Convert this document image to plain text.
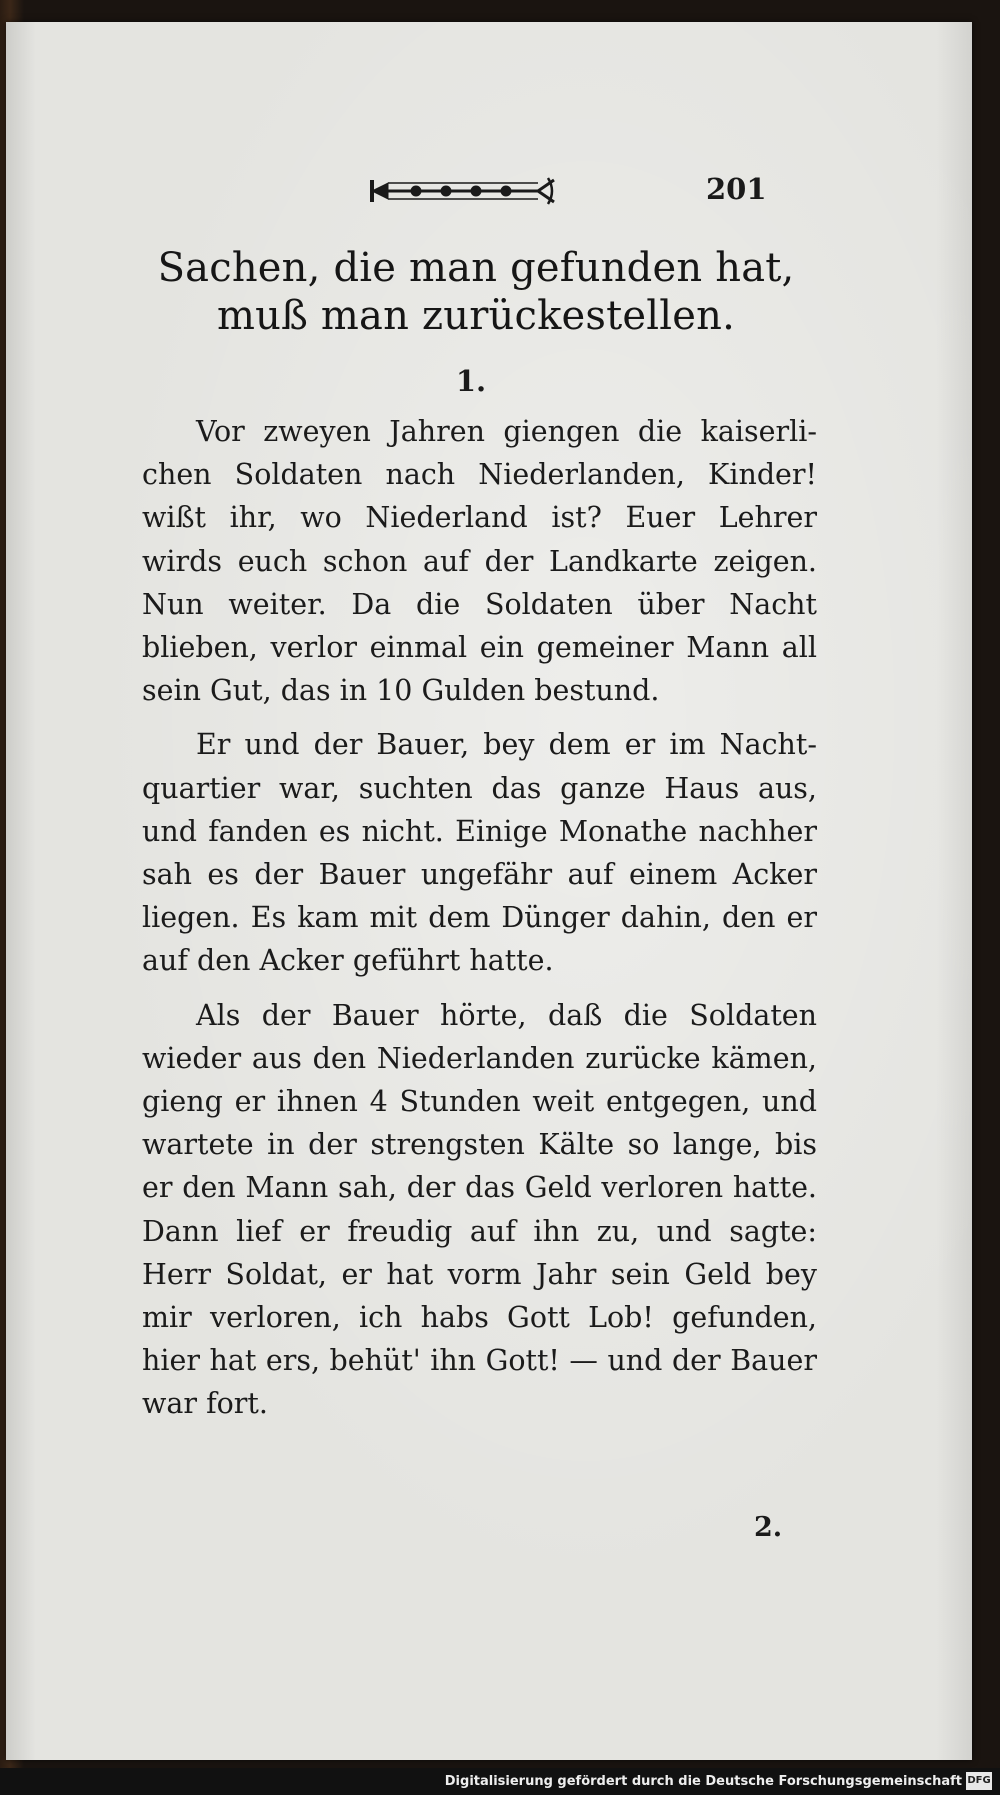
201
Sachen, die man gefunden hat, muß man zurückestellen.
1.

Vor zweyen Jahren giengen die kaiserlichen Soldaten nach Niederlanden, Kinder! wißt ihr, wo Niederland ist? Euer Lehrer wirds euch schon auf der Landkarte zeigen. Nun weiter. Da die Soldaten über Nacht blieben, verlor einmal ein gemeiner Mann all sein Gut, das in 10 Gulden bestund.

Er und der Bauer, bey dem er im Nachtquartier war, suchten das ganze Haus aus, und fanden es nicht. Einige Monathe nachher sah es der Bauer ungefähr auf einem Acker liegen. Es kam mit dem Dünger dahin, den er auf den Acker geführt hatte.

Als der Bauer hörte, daß die Soldaten wieder aus den Niederlanden zurücke kämen, gieng er ihnen 4 Stunden weit entgegen, und wartete in der strengsten Kälte so lange, bis er den Mann sah, der das Geld verloren hatte. Dann lief er freudig auf ihn zu, und sagte: Herr Soldat, er hat vorm Jahr sein Geld bey mir verloren, ich habs Gott Lob! gefunden, hier hat ers, behüt' ihn Gott! — und der Bauer war fort.

2.
Digitalisierung gefördert durch die Deutsche Forschungsgemeinschaft DFG
